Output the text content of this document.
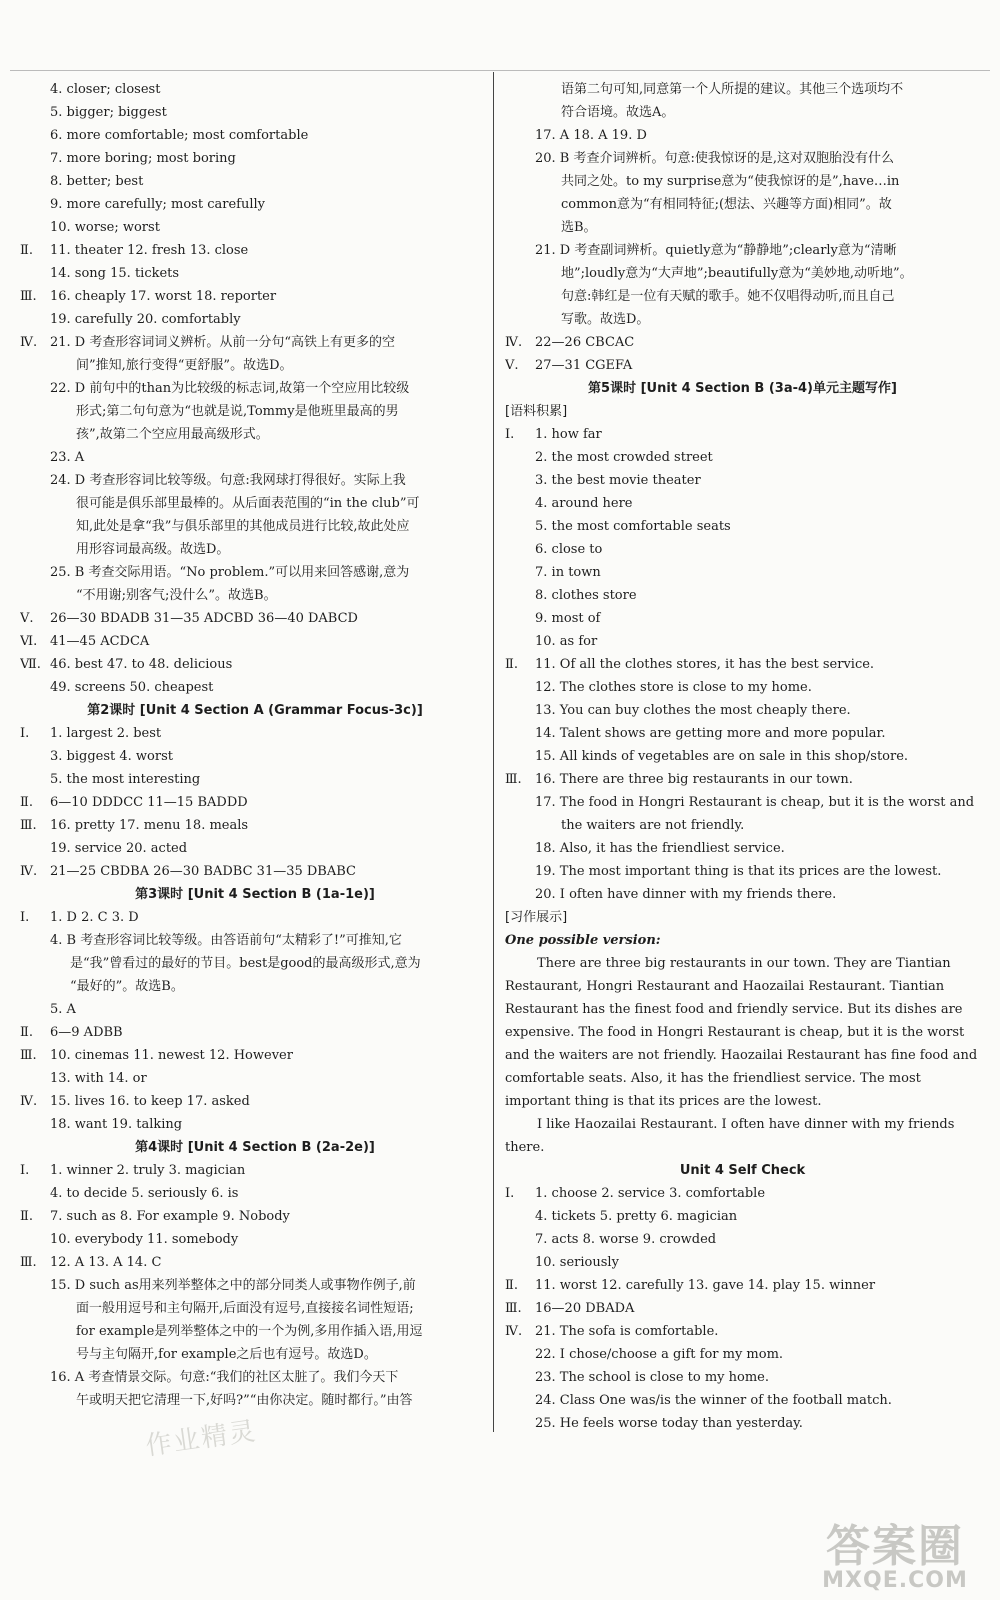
4. closer; closest
5. bigger; biggest
6. more comfortable; most comfortable
7. more boring; most boring
8. better; best
9. more carefully; most carefully
10. worse; worst
Ⅱ. 11. theater 12. fresh 13. close
14. song 15. tickets
Ⅲ. 16. cheaply 17. worst 18. reporter
19. carefully 20. comfortably
Ⅳ. 21. D 考查形容词词义辨析。从前一分句“高铁上有更多的空
间”推知,旅行变得“更舒服”。故选D。
22. D 前句中的than为比较级的标志词,故第一个空应用比较级
形式;第二句句意为“也就是说,Tommy是他班里最高的男
孩”,故第二个空应用最高级形式。
23. A
24. D 考查形容词比较等级。句意:我网球打得很好。实际上我
很可能是俱乐部里最棒的。从后面表范围的“in the club”可
知,此处是拿“我”与俱乐部里的其他成员进行比较,故此处应
用形容词最高级。故选D。
25. B 考查交际用语。“No problem.”可以用来回答感谢,意为
“不用谢;别客气;没什么”。故选B。
Ⅴ. 26—30 BDADB 31—35 ADCBD 36—40 DABCD
Ⅵ. 41—45 ACDCA
Ⅶ. 46. best 47. to 48. delicious
49. screens 50. cheapest
第2课时 [Unit 4 Section A (Grammar Focus-3c)]
Ⅰ. 1. largest 2. best
3. biggest 4. worst
5. the most interesting
Ⅱ. 6—10 DDDCC 11—15 BADDD
Ⅲ. 16. pretty 17. menu 18. meals
19. service 20. acted
Ⅳ. 21—25 CBDBA 26—30 BADBC 31—35 DBABC
第3课时 [Unit 4 Section B (1a-1e)]
Ⅰ. 1. D 2. C 3. D
4. B 考查形容词比较等级。由答语前句“太精彩了!”可推知,它
是“我”曾看过的最好的节目。best是good的最高级形式,意为
“最好的”。故选B。
5. A
Ⅱ. 6—9 ADBB
Ⅲ. 10. cinemas 11. newest 12. However
13. with 14. or
Ⅳ. 15. lives 16. to keep 17. asked
18. want 19. talking
第4课时 [Unit 4 Section B (2a-2e)]
Ⅰ. 1. winner 2. truly 3. magician
4. to decide 5. seriously 6. is
Ⅱ. 7. such as 8. For example 9. Nobody
10. everybody 11. somebody
Ⅲ. 12. A 13. A 14. C
15. D such as用来列举整体之中的部分同类人或事物作例子,前
面一般用逗号和主句隔开,后面没有逗号,直接接名词性短语;
for example是列举整体之中的一个为例,多用作插入语,用逗
号与主句隔开,for example之后也有逗号。故选D。
16. A 考查情景交际。句意:“我们的社区太脏了。我们今天下
午或明天把它清理一下,好吗?”“由你决定。随时都行。”由答
语第二句可知,同意第一个人所提的建议。其他三个选项均不
符合语境。故选A。
17. A 18. A 19. D
20. B 考查介词辨析。句意:使我惊讶的是,这对双胞胎没有什么
共同之处。to my surprise意为“使我惊讶的是”,have…in
common意为“有相同特征;(想法、兴趣等方面)相同”。故
选B。
21. D 考查副词辨析。quietly意为“静静地”;clearly意为“清晰
地”;loudly意为“大声地”;beautifully意为“美妙地,动听地”。
句意:韩红是一位有天赋的歌手。她不仅唱得动听,而且自己
写歌。故选D。
Ⅳ. 22—26 CBCAC
Ⅴ. 27—31 CGEFA
第5课时 [Unit 4 Section B (3a-4)单元主题写作]
[语料积累]
Ⅰ. 1. how far
2. the most crowded street
3. the best movie theater
4. around here
5. the most comfortable seats
6. close to
7. in town
8. clothes store
9. most of
10. as for
Ⅱ. 11. Of all the clothes stores, it has the best service.
12. The clothes store is close to my home.
13. You can buy clothes the most cheaply there.
14. Talent shows are getting more and more popular.
15. All kinds of vegetables are on sale in this shop/store.
Ⅲ. 16. There are three big restaurants in our town.
17. The food in Hongri Restaurant is cheap, but it is the worst and
the waiters are not friendly.
18. Also, it has the friendliest service.
19. The most important thing is that its prices are the lowest.
20. I often have dinner with my friends there.
[习作展示]
One possible version:
There are three big restaurants in our town. They are Tiantian
Restaurant, Hongri Restaurant and Haozailai Restaurant. Tiantian
Restaurant has the finest food and friendly service. But its dishes are
expensive. The food in Hongri Restaurant is cheap, but it is the worst
and the waiters are not friendly. Haozailai Restaurant has fine food and
comfortable seats. Also, it has the friendliest service. The most
important thing is that its prices are the lowest.
I like Haozailai Restaurant. I often have dinner with my friends
there.
Unit 4 Self Check
Ⅰ. 1. choose 2. service 3. comfortable
4. tickets 5. pretty 6. magician
7. acts 8. worse 9. crowded
10. seriously
Ⅱ. 11. worst 12. carefully 13. gave 14. play 15. winner
Ⅲ. 16—20 DBADA
Ⅳ. 21. The sofa is comfortable.
22. I chose/choose a gift for my mom.
23. The school is close to my home.
24. Class One was/is the winner of the football match.
25. He feels worse today than yesterday.
作业精灵
答案圈
MXQE.COM
